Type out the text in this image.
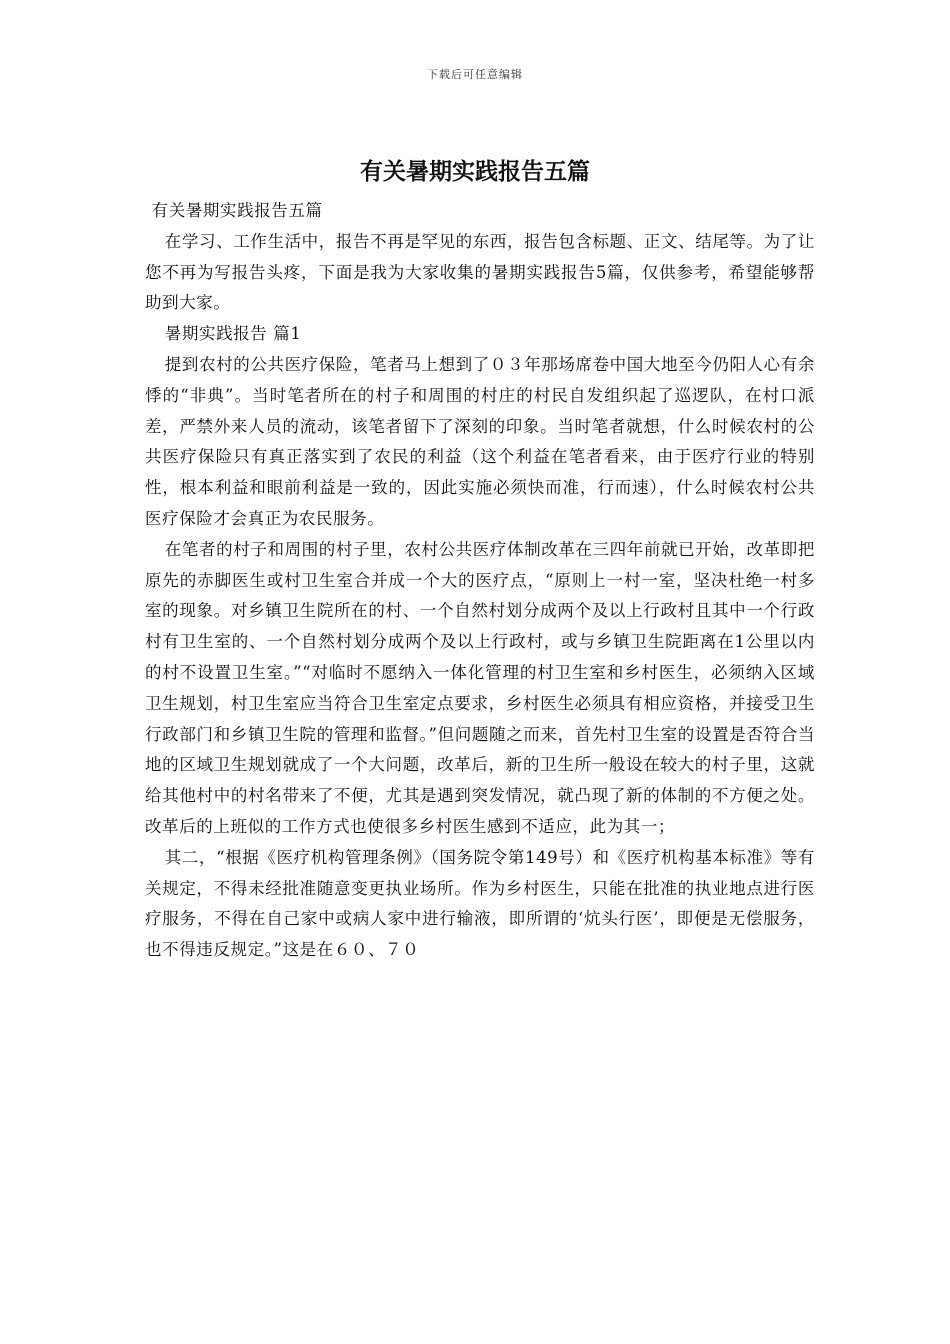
下载后可任意编辑
有关暑期实践报告五篇

有关暑期实践报告五篇

在学习、工作生活中，报告不再是罕见的东西，报告包含标题、正文、结尾等。为了让您不再为写报告头疼，下面是我为大家收集的暑期实践报告5篇，仅供参考，希望能够帮助到大家。

暑期实践报告 篇1

提到农村的公共医疗保险，笔者马上想到了０３年那场席卷中国大地至今仍阳人心有余悸的“非典”。当时笔者所在的村子和周围的村庄的村民自发组织起了巡逻队，在村口派差，严禁外来人员的流动，该笔者留下了深刻的印象。当时笔者就想，什么时候农村的公共医疗保险只有真正落实到了农民的利益（这个利益在笔者看来，由于医疗行业的特别性，根本利益和眼前利益是一致的，因此实施必须快而准，行而速），什么时候农村公共医疗保险才会真正为农民服务。

在笔者的村子和周围的村子里，农村公共医疗体制改革在三四年前就已开始，改革即把原先的赤脚医生或村卫生室合并成一个大的医疗点，“原则上一村一室，坚决杜绝一村多室的现象。对乡镇卫生院所在的村、一个自然村划分成两个及以上行政村且其中一个行政村有卫生室的、一个自然村划分成两个及以上行政村，或与乡镇卫生院距离在1公里以内的村不设置卫生室。”“对临时不愿纳入一体化管理的村卫生室和乡村医生，必须纳入区域卫生规划，村卫生室应当符合卫生室定点要求，乡村医生必须具有相应资格，并接受卫生行政部门和乡镇卫生院的管理和监督。”但问题随之而来，首先村卫生室的设置是否符合当地的区域卫生规划就成了一个大问题，改革后，新的卫生所一般设在较大的村子里，这就给其他村中的村名带来了不便，尤其是遇到突发情况，就凸现了新的体制的不方便之处。改革后的上班似的工作方式也使很多乡村医生感到不适应，此为其一；

其二，“根据《医疗机构管理条例》（国务院令第149号）和《医疗机构基本标准》等有关规定，不得未经批准随意变更执业场所。作为乡村医生，只能在批准的执业地点进行医疗服务，不得在自己家中或病人家中进行输液，即所谓的‘炕头行医’，即便是无偿服务，也不得违反规定。”这是在６０、７０
